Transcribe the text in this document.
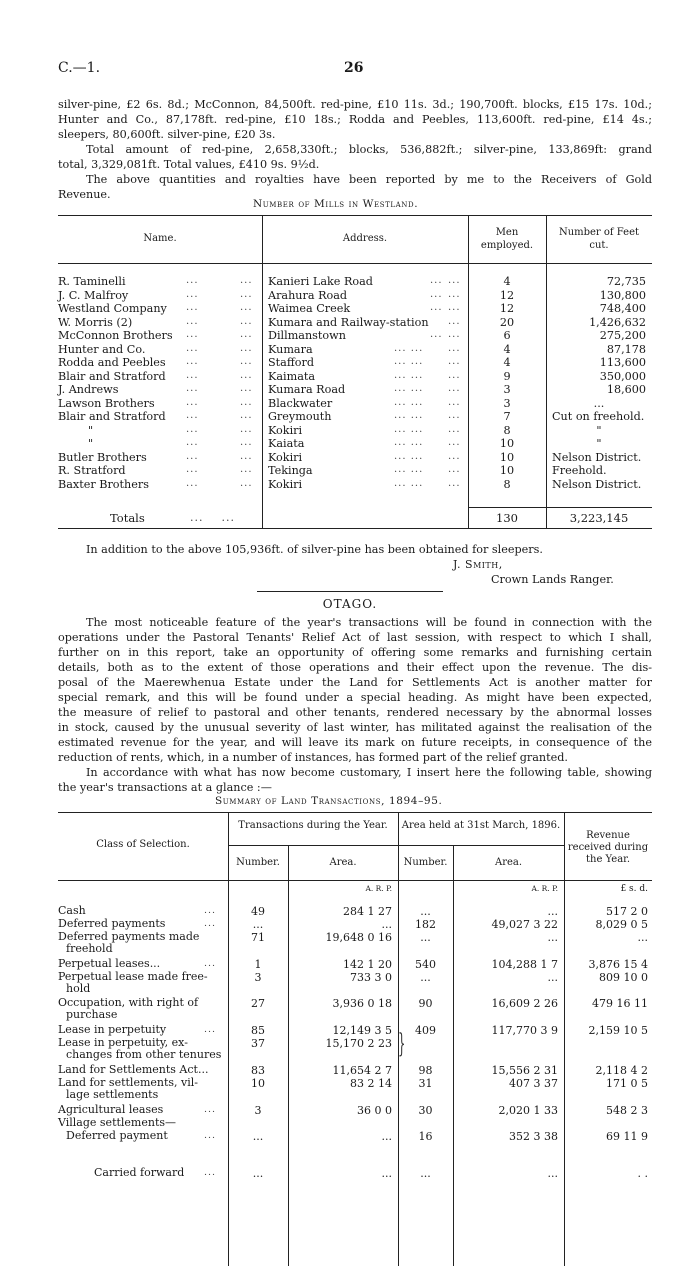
C.—1.	26
silver-pine, £2 6s. 8d.; McConnon, 84,500ft. red-pine, £10 11s. 3d.; 190,700ft. blocks, £15 17s. 10d.;
Hunter and Co., 87,178ft. red-pine, £10 18s.; Rodda and Peebles, 113,600ft. red-pine, £14 4s.;
sleepers, 80,600ft. silver-pine, £20 3s.
Total amount of red-pine, 2,658,330ft.; blocks, 536,882ft.; silver-pine, 133,869ft: grand
total, 3,329,081ft. Total values, £410 9s. 9½d.
The above quantities and royalties have been reported by me to the Receivers of Gold
Revenue.
Number of Mills in Westland.
Name.	Address.
Men
employed.
Number of Feet
cut.
R. Taminelli	...	... Kanieri Lake Road	... ...	4	72,735
J. C. Malfroy	...	... Arahura Road	... ...	12	130,800
Westland Company ...	... Waimea Creek	... ...	12	748,400
W. Morris (2)	...	... Kumara and Railway-station ...	20	1,426,632
McConnon Brothers ...	... Dillmanstown	... ...	6	275,200
Hunter and Co.	...	... Kumara	... ... ...	4	87,178
Rodda and Peebles ...	... Stafford	... ... ...	4	113,600
Blair and Stratford ...	... Kaimata	... ... ...	9	350,000
J. Andrews	...	... Kumara Road	... ... ...	3	18,600
Lawson Brothers	...	... Blackwater	... ... ...	3	...
Blair and Stratford ...	... Greymouth	... ... ...	7	Cut on freehold.
"	...	... Kokiri	... ... ...	8	"
"	...	... Kaiata	... ... ...	10	"
Butler Brothers	...	... Kokiri	... ... ...	10	Nelson District.
R. Stratford	...	... Tekinga	... ... ...	10	Freehold.
Baxter Brothers	...	... Kokiri	... ... ...	8	Nelson District.
Totals	...    ...	130	3,223,145
In addition to the above 105,936ft. of silver-pine has been obtained for sleepers.
J. Smith,
Crown Lands Ranger.
OTAGO.
The most noticeable feature of the year's transactions will be found in connection with the
operations under the Pastoral Tenants' Relief Act of last session, with respect to which I shall,
further on in this report, take an opportunity of offering some remarks and furnishing certain
details, both as to the extent of those operations and their effect upon the revenue. The dis-
posal of the Maerewhenua Estate under the Land for Settlements Act is another matter for
special remark, and this will be found under a special heading. As might have been expected,
the measure of relief to pastoral and other tenants, rendered necessary by the abnormal losses
in stock, caused by the unusual severity of last winter, has militated against the realisation of the
estimated revenue for the year, and will leave its mark on future receipts, in consequence of the
reduction of rents, which, in a number of instances, has formed part of the relief granted.
In accordance with what has now become customary, I insert here the following table, showing
the year's transactions at a glance :—
Summary of Land Transactions, 1894–95.
Class of Selection.
Transactions during the Year.	Area held at 31st March, 1896.
Revenue
received during
the Year.
Number.	Area.	Number.	Area.
A. R. P.	A. R. P.	£ s. d.
}
Cash	...	49	284 1 27	...	...	517 2 0
Deferred payments	...	...	...	182	49,027 3 22	8,029 0 5
Deferred payments made
freehold
71	19,648 0 16	...	...	...
Perpetual leases...	...	1	142 1 20	540	104,288 1 7	3,876 15 4
Perpetual lease made free-
hold
3	733 3 0	...	...	809 10 0
Occupation, with right of
purchase
27	3,936 0 18	90	16,609 2 26	479 16 11
Lease in perpetuity	...	85	12,149 3 5	409	117,770 3 9	2,159 10 5
Lease in perpetuity, ex-
changes from other tenures
37	15,170 2 23
Land for Settlements Act...	83	11,654 2 7	98	15,556 2 31	2,118 4 2
Land for settlements, vil-
lage settlements
10	83 2 14	31	407 3 37	171 0 5
Agricultural leases	...	3	36 0 0	30	2,020 1 33	548 2 3
Village settlements—
Deferred payment	...	...	...	16	352 3 38	69 11 9
Carried forward ...	...	...	...	...	. .
